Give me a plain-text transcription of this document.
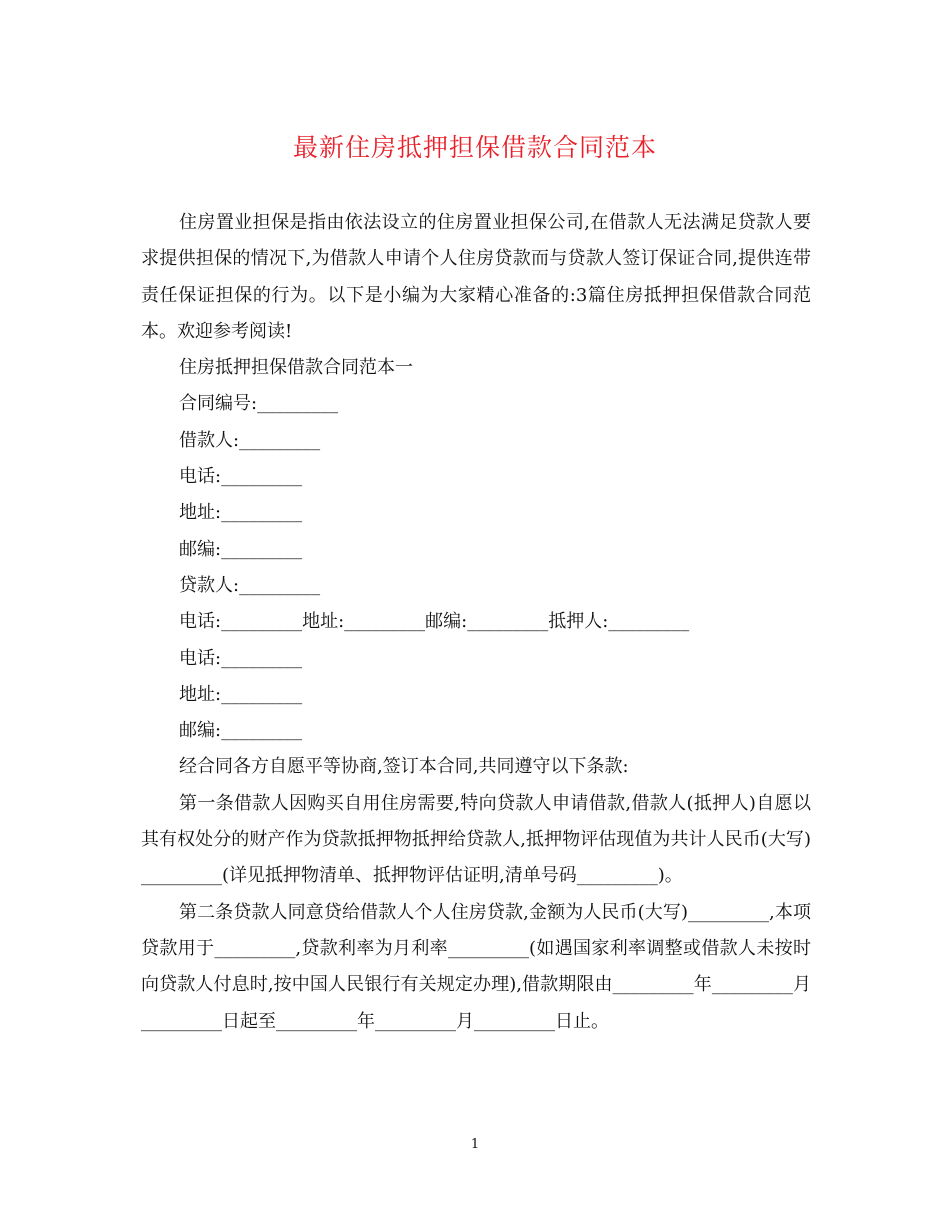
最新住房抵押担保借款合同范本

住房置业担保是指由依法设立的住房置业担保公司,在借款人无法满足贷款人要求提供担保的情况下,为借款人申请个人住房贷款而与贷款人签订保证合同,提供连带责任保证担保的行为。以下是小编为大家精心准备的:3篇住房抵押担保借款合同范本。欢迎参考阅读!

住房抵押担保借款合同范本一

合同编号:_________

借款人:_________

电话:_________

地址:_________

邮编:_________

贷款人:_________

电话:_________地址:_________邮编:_________抵押人:_________

电话:_________

地址:_________

邮编:_________

经合同各方自愿平等协商,签订本合同,共同遵守以下条款:

第一条借款人因购买自用住房需要,特向贷款人申请借款,借款人(抵押人)自愿以其有权处分的财产作为贷款抵押物抵押给贷款人,抵押物评估现值为共计人民币(大写)_________(详见抵押物清单、抵押物评估证明,清单号码_________)。

第二条贷款人同意贷给借款人个人住房贷款,金额为人民币(大写)_________,本项贷款用于_________,贷款利率为月利率_________(如遇国家利率调整或借款人未按时向贷款人付息时,按中国人民银行有关规定办理),借款期限由_________年_________月_________日起至_________年_________月_________日止。

1
